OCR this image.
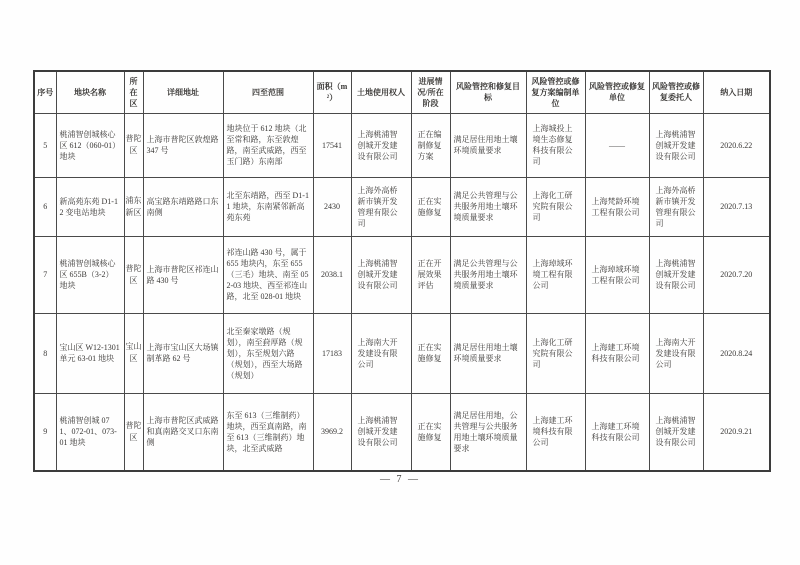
序号	地块名称	所在区	详细地址	四至范围	面积（m²）	土地使用权人	进展情况/所在阶段	风险管控和修复目标	风险管控或修复方案编制单位	风险管控或修复单位	风险管控或修复委托人	纳入日期
5	桃浦智创城核心区 612（060-01）地块	普陀区	上海市普陀区敦煌路 347 号	地块位于 612 地块（北至常和路，东至敦煌路，南至武威路，西至玉门路）东南部	17541	上海桃浦智创城开发建设有限公司	正在编制修复方案	满足居住用地土壤环境质量要求	上海城投上境生态修复科技有限公司	——	上海桃浦智创城开发建设有限公司	2020.6.22
6	新高苑东苑 D1-12 变电站地块	浦东新区	高宝路东靖路路口东南侧	北至东靖路，西至 D1-11 地块，东南紧邻新高苑东苑	2430	上海外高桥新市镇开发管理有限公司	正在实施修复	满足公共管理与公共服务用地土壤环境质量要求	上海化工研究院有限公司	上海梵龄环境工程有限公司	上海外高桥新市镇开发管理有限公司	2020.7.13
7	桃浦智创城核心区 655B（3-2）地块	普陀区	上海市普陀区祁连山路 430 号	祁连山路 430 号，属于 655 地块内，东至 655（三毛）地块、南至 052-03 地块、西至祁连山路，北至 028-01 地块	2038.1	上海桃浦智创城开发建设有限公司	正在开展效果评估	满足公共管理与公共服务用地土壤环境质量要求	上海琸域环境工程有限公司	上海琸域环境工程有限公司	上海桃浦智创城开发建设有限公司	2020.7.20
8	宝山区 W12-1301 单元 63-01 地块	宝山区	上海市宝山区大场镇制革路 62 号	北至秦家墩路（规划），南至葑厚路（规划），东至规划六路（规划），西至大场路（规划）	17183	上海南大开发建设有限公司	正在实施修复	满足居住用地土壤环境质量要求	上海化工研究院有限公司	上海建工环境科技有限公司	上海南大开发建设有限公司	2020.8.24
9	桃浦智创城 071、072-01、073-01 地块	普陀区	上海市普陀区武威路和真南路交叉口东南侧	东至 613（三维制药）地块，西至真南路，南至 613（三维制药）地块，北至武威路	3969.2	上海桃浦智创城开发建设有限公司	正在实施修复	满足居住用地，公共管理与公共服务用地土壤环境质量要求	上海建工环境科技有限公司	上海建工环境科技有限公司	上海桃浦智创城开发建设有限公司	2020.9.21
— 7 —
